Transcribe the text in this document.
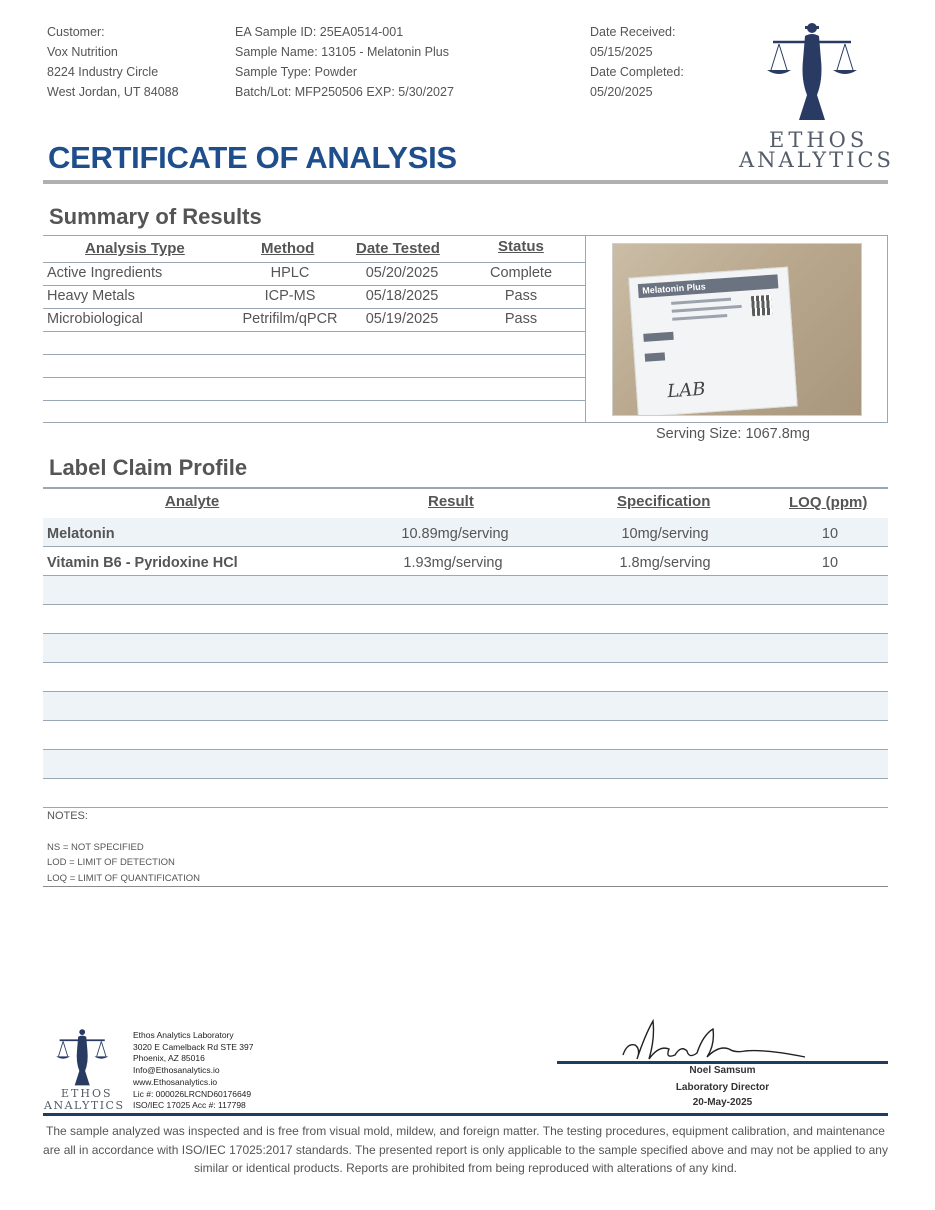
Customer:
Vox Nutrition
8224 Industry Circle
West Jordan, UT 84088
EA Sample ID: 25EA0514-001
Sample Name: 13105 - Melatonin Plus
Sample Type: Powder
Batch/Lot: MFP250506 EXP: 5/30/2027
Date Received:
05/15/2025
Date Completed:
05/20/2025
ETHOS
ANALYTICS
CERTIFICATE OF ANALYSIS
Summary of Results
Analysis Type	Method	Date Tested	Status
Active Ingredients	HPLC	05/20/2025	Complete
Heavy Metals	ICP-MS	05/18/2025	Pass
Microbiological	Petrifilm/qPCR	05/19/2025	Pass
Melatonin Plus
LAB
Serving Size: 1067.8mg
Label Claim Profile
Analyte	Result	Specification	LOQ (ppm)
Melatonin	10.89mg/serving	10mg/serving	10
Vitamin B6 - Pyridoxine HCl	1.93mg/serving	1.8mg/serving	10
NOTES:
NS = NOT SPECIFIED
LOD = LIMIT OF DETECTION
LOQ = LIMIT OF QUANTIFICATION
ETHOS
ANALYTICS
Ethos Analytics Laboratory
3020 E Camelback Rd STE 397
Phoenix, AZ 85016
Info@Ethosanalytics.io
www.Ethosanalytics.io
Lic #: 000026LRCND60176649
ISO/IEC 17025 Acc #: 117798
Noel Samsum
Laboratory Director
20-May-2025
The sample analyzed was inspected and is free from visual mold, mildew, and foreign matter. The testing procedures, equipment calibration, and maintenance are all in accordance with ISO/IEC 17025:2017 standards. The presented report is only applicable to the sample specified above and may not be applied to any similar or identical products. Reports are prohibited from being reproduced with alterations of any kind.
